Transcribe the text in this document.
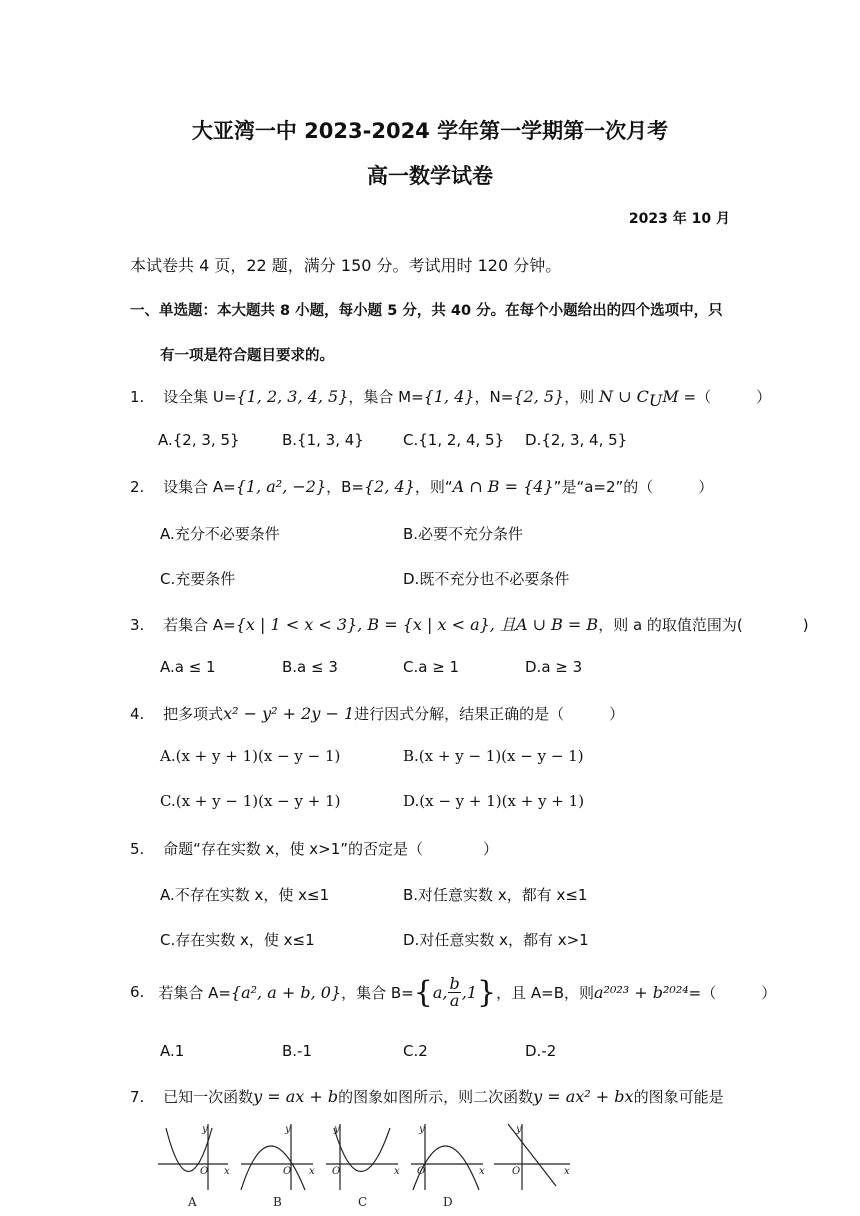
大亚湾一中 2023-2024 学年第一学期第一次月考
高一数学试卷
2023 年 10 月
本试卷共 4 页，22 题，满分 150 分。考试用时 120 分钟。
一、单选题：本大题共 8 小题，每小题 5 分，共 40 分。在每个小题给出的四个选项中，只
有一项是符合题目要求的。
1. 设全集 U={1, 2, 3, 4, 5}，集合 M={1, 4}，N={2, 5}，则 N ∪ $C_UM$ =（　　　）
A.{2, 3, 5}	B.{1, 3, 4}	C.{1, 2, 4, 5} D.{2, 3, 4, 5}
2. 设集合 A={1, a², −2}，B={2, 4}，则“A ∩ B = {4}”是“a=2”的（　　　）
A.充分不必要条件	B.必要不充分条件
C.充要条件	D.既不充分也不必要条件
3. 若集合 A={x | 1 < x < 3}, B = {x | x < a}, 且A ∪ B = B，则 a 的取值范围为(　　　　)
A.a ≤ 1	B.a ≤ 3	C.a ≥ 1	D.a ≥ 3
4. 把多项式x² − y² + 2y − 1进行因式分解，结果正确的是（　　　）
A.(x + y + 1)(x − y − 1)	B.(x + y − 1)(x − y − 1)
C.(x + y − 1)(x − y + 1)	D.(x − y + 1)(x + y + 1)
5. 命题“存在实数 x，使 x>1”的否定是（　　　　）
A.不存在实数 x，使 x≤1	B.对任意实数 x，都有 x≤1
C.存在实数 x，使 x≤1	D.对任意实数 x，都有 x>1
6. 若集合 A= {a², a + b, 0} ，集合 B= { a, $\frac{b}{a} ,1$ } ，且 A=B，则 a²⁰²³ + b²⁰²⁴ =（　　　）
A.1	B.-1	C.2	D.-2
7. 已知一次函数y = ax + b的图象如图所示，则二次函数y = ax² + bx的图象可能是
y
O x
A
y
O x
B
y
O	x
C
y
O	x
D
y
O	x
